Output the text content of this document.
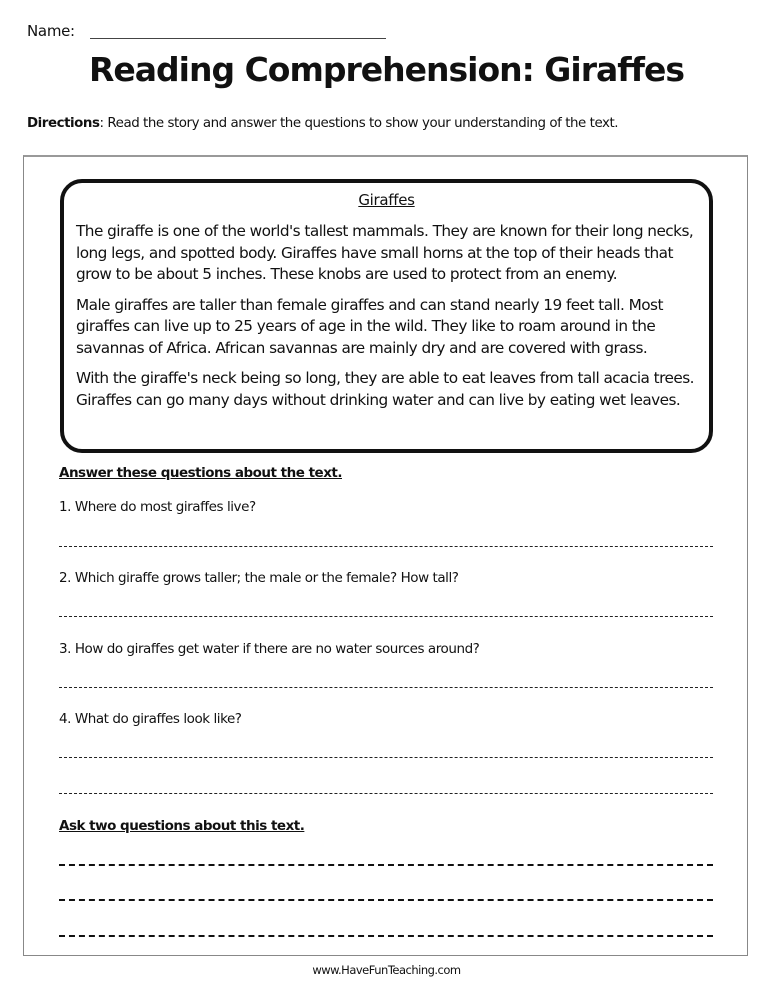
Name:
Reading Comprehension: Giraffes
Directions: Read the story and answer the questions to show your understanding of the text.
Giraffes

The giraffe is one of the world's tallest mammals. They are known for their long necks, long legs, and spotted body. Giraffes have small horns at the top of their heads that grow to be about 5 inches. These knobs are used to protect from an enemy.

Male giraffes are taller than female giraffes and can stand nearly 19 feet tall. Most giraffes can live up to 25 years of age in the wild. They like to roam around in the savannas of Africa. African savannas are mainly dry and are covered with grass.

With the giraffe's neck being so long, they are able to eat leaves from tall acacia trees. Giraffes can go many days without drinking water and can live by eating wet leaves.

Answer these questions about the text.
1. Where do most giraffes live?
2. Which giraffe grows taller; the male or the female? How tall?
3. How do giraffes get water if there are no water sources around?
4. What do giraffes look like?
Ask two questions about this text.
www.HaveFunTeaching.com
